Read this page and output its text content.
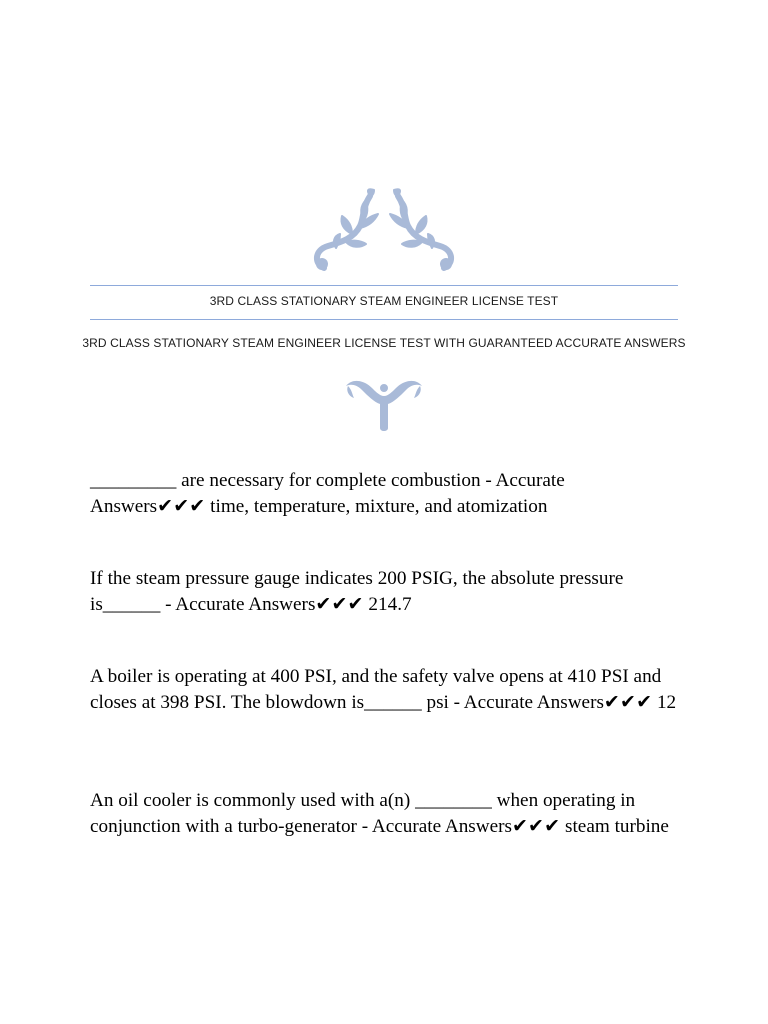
3RD CLASS STATIONARY STEAM ENGINEER LICENSE TEST
3RD CLASS STATIONARY STEAM ENGINEER LICENSE TEST WITH GUARANTEED ACCURATE ANSWERS
_________ are necessary for complete combustion - Accurate Answers✔✔✔ time, temperature, mixture, and atomization
If the steam pressure gauge indicates 200 PSIG, the absolute pressure is______ - Accurate Answers✔✔✔ 214.7
A boiler is operating at 400 PSI, and the safety valve opens at 410 PSI and closes at 398 PSI. The blowdown is______ psi - Accurate Answers✔✔✔ 12
An oil cooler is commonly used with a(n) ________ when operating in conjunction with a turbo-generator - Accurate Answers✔✔✔ steam turbine
